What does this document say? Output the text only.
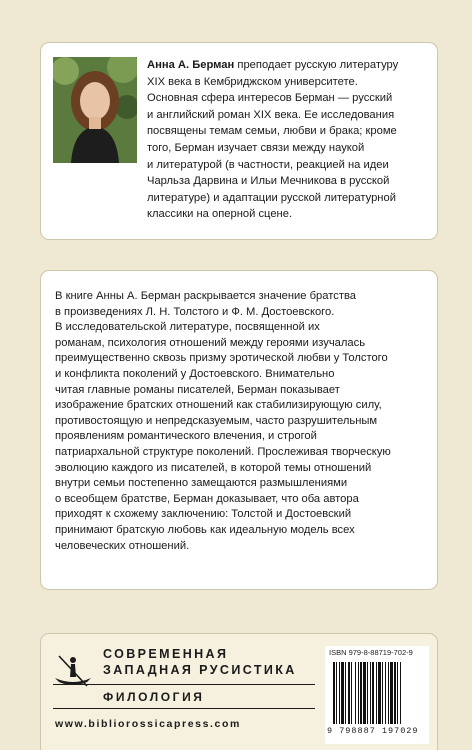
Анна А. Берман преподает русскую литературу
XIX века в Кембриджском университете.
Основная сфера интересов Берман — русский
и английский роман XIX века. Ее исследования
посвящены темам семьи, любви и брака; кроме
того, Берман изучает связи между наукой
и литературой (в частности, реакцией на идеи
Чарльза Дарвина и Ильи Мечникова в русской
литературе) и адаптации русской литературной
классики на оперной сцене.

В книге Анны А. Берман раскрывается значение братства

в произведениях Л. Н. Толстого и Ф. М. Достоевского.

В исследовательской литературе, посвященной их

романам, психология отношений между героями изучалась

преимущественно сквозь призму эротической любви у Толстого

и конфликта поколений у Достоевского. Внимательно

читая главные романы писателей, Берман показывает

изображение братских отношений как стабилизирующую силу,

противостоящую и непредсказуемым, часто разрушительным

проявлениям романтического влечения, и строгой

патриархальной структуре поколений. Прослеживая творческую

эволюцию каждого из писателей, в которой темы отношений

внутри семьи постепенно замещаются размышлениями

о всеобщем братстве, Берман доказывает, что оба автора

приходят к схожему заключению: Толстой и Достоевский

принимают братскую любовь как идеальную модель всех

человеческих отношений.

СОВРЕМЕННАЯ
ЗАПАДНАЯ РУСИСТИКА
ФИЛОЛОГИЯ
www.bibliorossicapress.com
ISBN 979-8-88719-702-9
9 798887 197029
